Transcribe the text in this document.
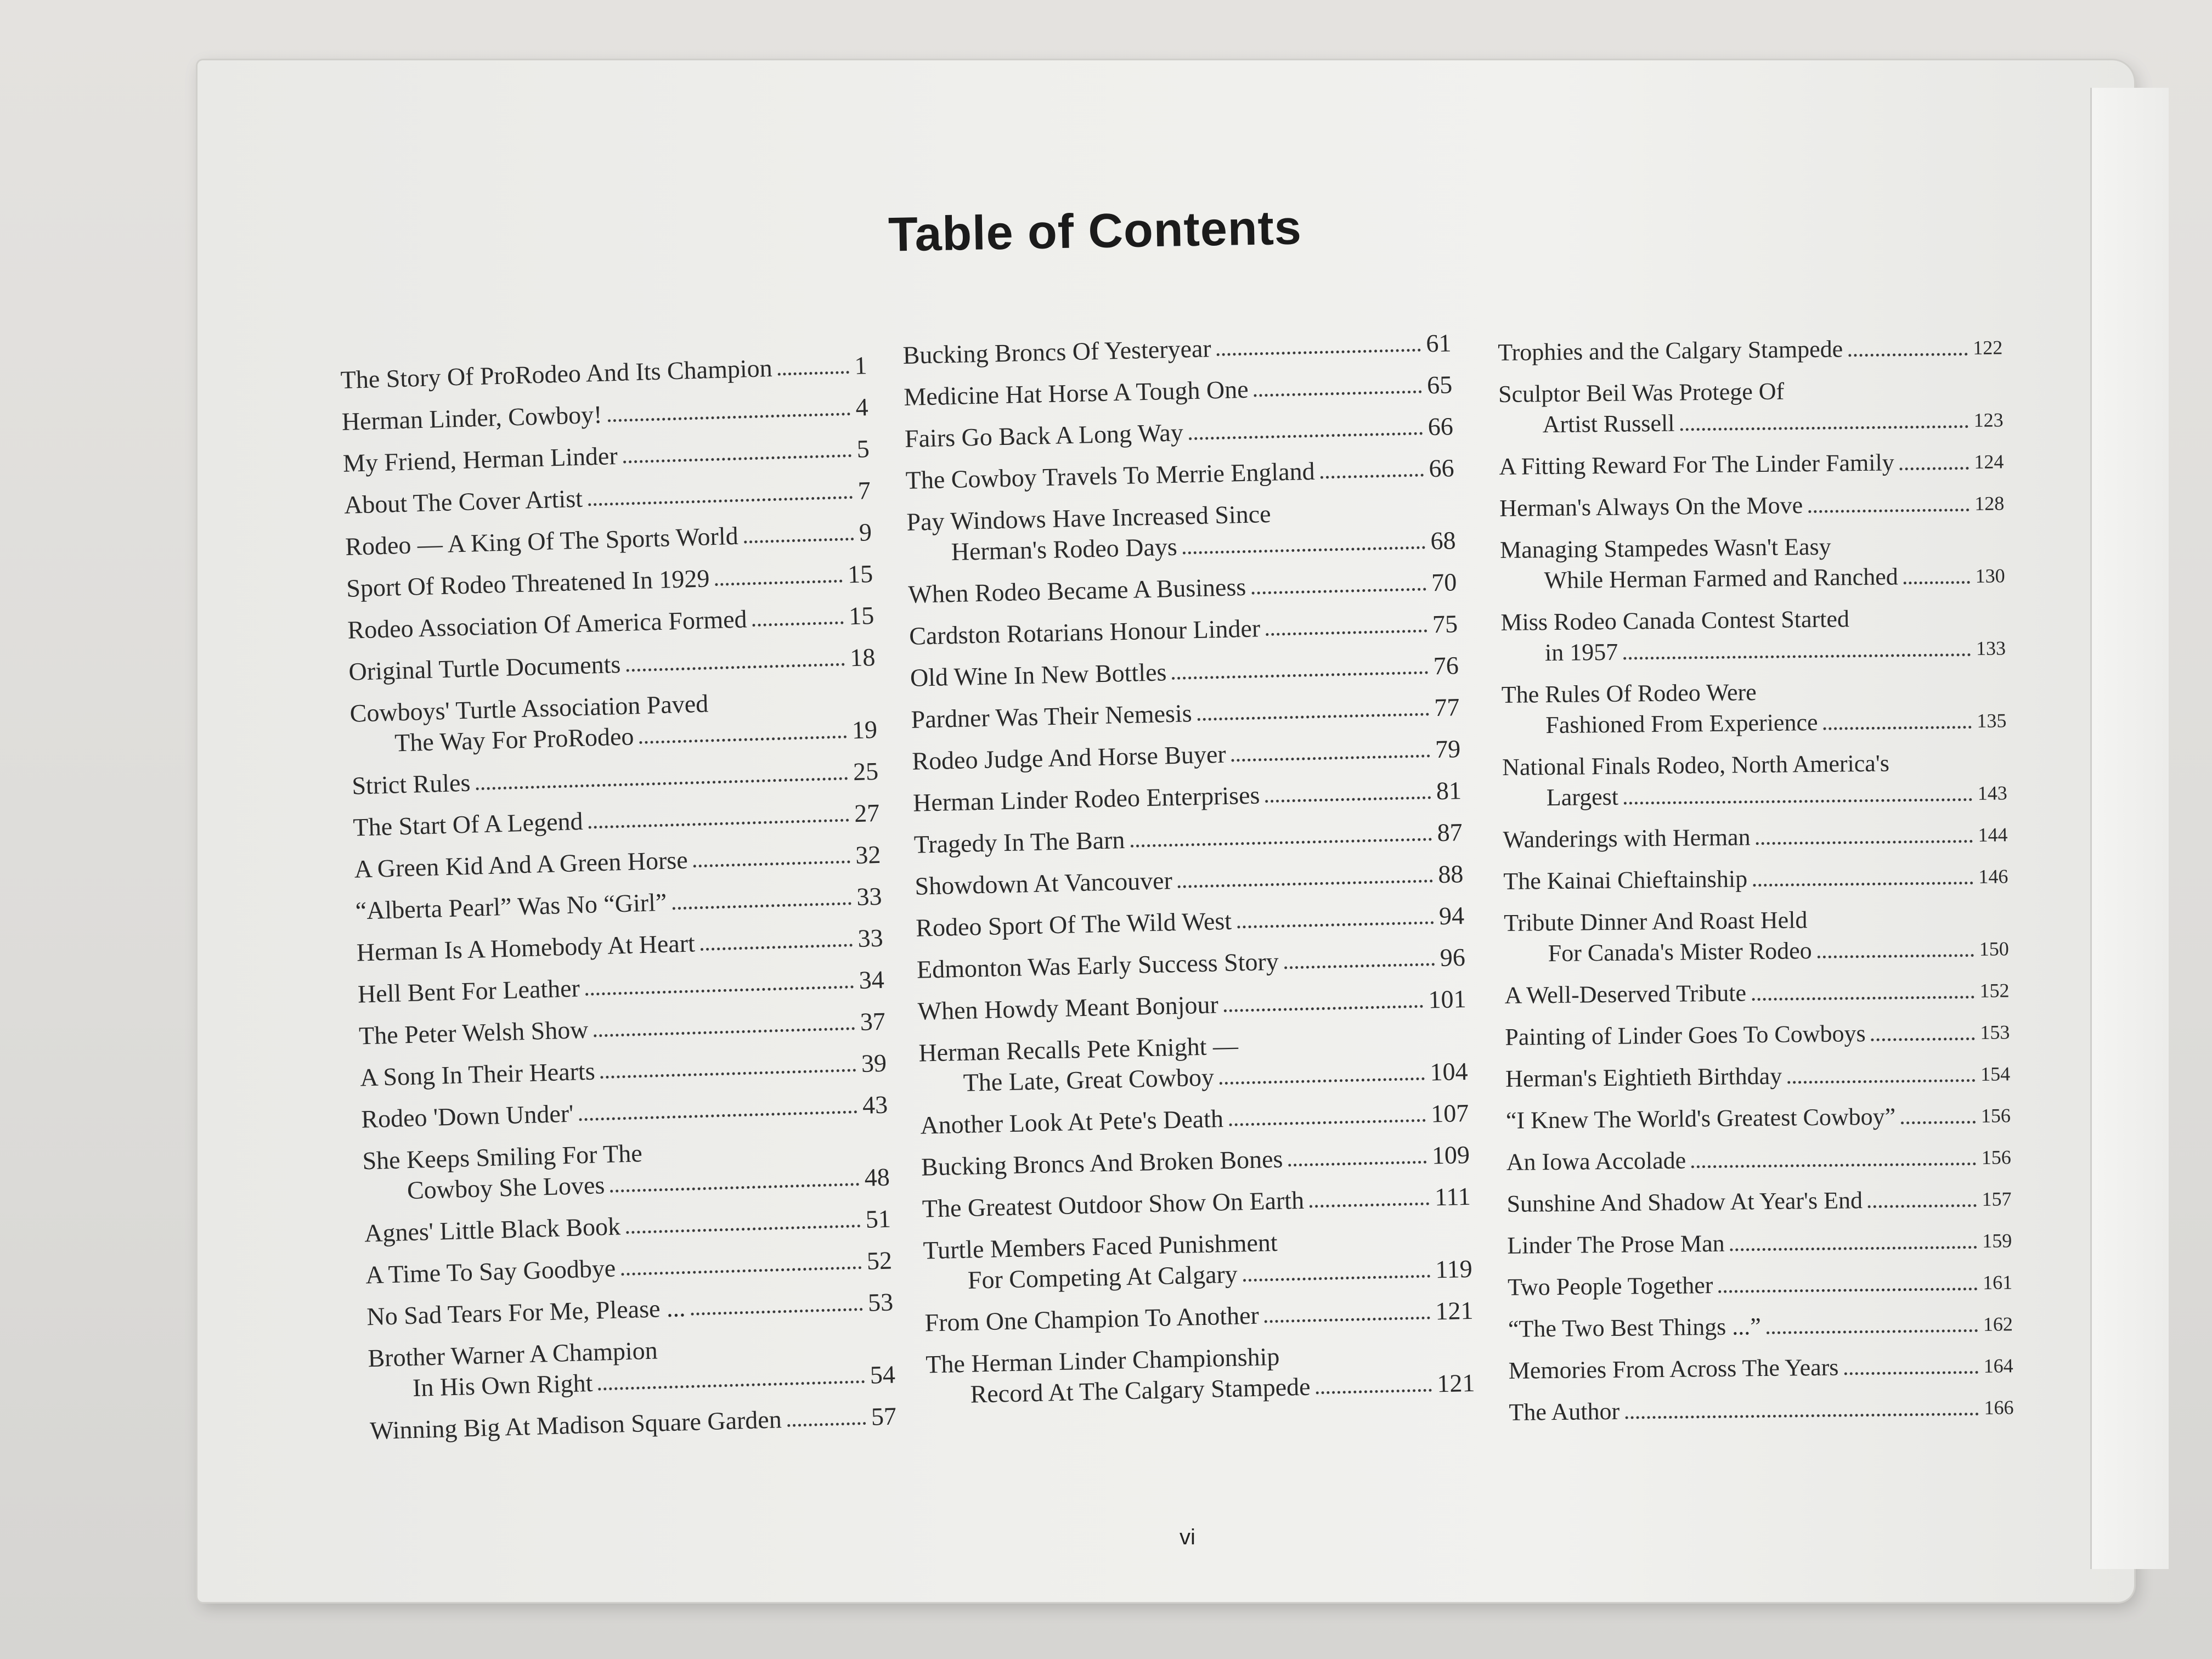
Table of Contents
The Story Of ProRodeo And Its Champion	1
Herman Linder, Cowboy!	4
My Friend, Herman Linder	5
About The Cover Artist	7
Rodeo — A King Of The Sports World	9
Sport Of Rodeo Threatened In 1929	15
Rodeo Association Of America Formed	15
Original Turtle Documents	18
Cowboys' Turtle Association Paved
The Way For ProRodeo	19
Strict Rules	25
The Start Of A Legend	27
A Green Kid And A Green Horse	32
“Alberta Pearl” Was No “Girl”	33
Herman Is A Homebody At Heart	33
Hell Bent For Leather	34
The Peter Welsh Show	37
A Song In Their Hearts	39
Rodeo 'Down Under'	43
She Keeps Smiling For The
Cowboy She Loves	48
Agnes' Little Black Book	51
A Time To Say Goodbye	52
No Sad Tears For Me, Please ...	53
Brother Warner A Champion
In His Own Right	54
Winning Big At Madison Square Garden	57
Bucking Broncs Of Yesteryear	61
Medicine Hat Horse A Tough One	65
Fairs Go Back A Long Way	66
The Cowboy Travels To Merrie England	66
Pay Windows Have Increased Since
Herman's Rodeo Days	68
When Rodeo Became A Business	70
Cardston Rotarians Honour Linder	75
Old Wine In New Bottles	76
Pardner Was Their Nemesis	77
Rodeo Judge And Horse Buyer	79
Herman Linder Rodeo Enterprises	81
Tragedy In The Barn	87
Showdown At Vancouver	88
Rodeo Sport Of The Wild West	94
Edmonton Was Early Success Story	96
When Howdy Meant Bonjour	101
Herman Recalls Pete Knight —
The Late, Great Cowboy	104
Another Look At Pete's Death	107
Bucking Broncs And Broken Bones	109
The Greatest Outdoor Show On Earth	111
Turtle Members Faced Punishment
For Competing At Calgary	119
From One Champion To Another	121
The Herman Linder Championship
Record At The Calgary Stampede	121
Trophies and the Calgary Stampede	122
Sculptor Beil Was Protege Of
Artist Russell	123
A Fitting Reward For The Linder Family	124
Herman's Always On the Move	128
Managing Stampedes Wasn't Easy
While Herman Farmed and Ranched	130
Miss Rodeo Canada Contest Started
in 1957	133
The Rules Of Rodeo Were
Fashioned From Experience	135
National Finals Rodeo, North America's
Largest	143
Wanderings with Herman	144
The Kainai Chieftainship	146
Tribute Dinner And Roast Held
For Canada's Mister Rodeo	150
A Well-Deserved Tribute	152
Painting of Linder Goes To Cowboys	153
Herman's Eightieth Birthday	154
“I Knew The World's Greatest Cowboy”	156
An Iowa Accolade	156
Sunshine And Shadow At Year's End	157
Linder The Prose Man	159
Two People Together	161
“The Two Best Things ...”	162
Memories From Across The Years	164
The Author	166
vi
